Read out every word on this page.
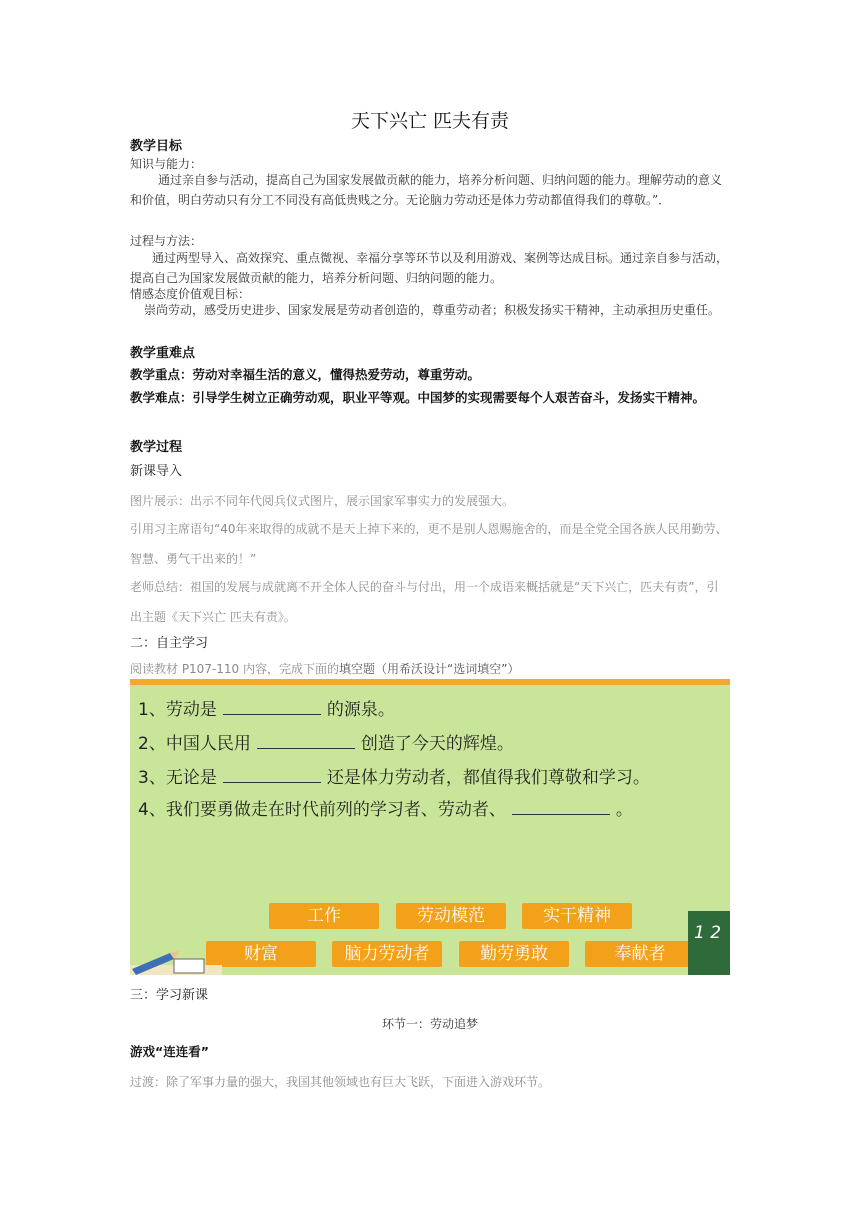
天下兴亡 匹夫有责
教学目标
知识与能力：
通过亲自参与活动，提高自己为国家发展做贡献的能力，培养分析问题、归纳问题的能力。理解劳动的意义和价值，明白劳动只有分工不同没有高低贵贱之分。无论脑力劳动还是体力劳动都值得我们的尊敬。”．
过程与方法：
通过两型导入、高效探究、重点微视、幸福分享等环节以及利用游戏、案例等达成目标。通过亲自参与活动，提高自己为国家发展做贡献的能力，培养分析问题、归纳问题的能力。
情感态度价值观目标：
崇尚劳动，感受历史进步、国家发展是劳动者创造的，尊重劳动者；积极发扬实干精神，主动承担历史重任。
教学重难点
教学重点：劳动对幸福生活的意义，懂得热爱劳动，尊重劳动。
教学难点：引导学生树立正确劳动观，职业平等观。中国梦的实现需要每个人艰苦奋斗，发扬实干精神。
教学过程
新课导入
图片展示：出示不同年代阅兵仪式图片，展示国家军事实力的发展强大。
引用习主席语句“40年来取得的成就不是天上掉下来的，更不是别人恩赐施舍的，而是全党全国各族人民用勤劳、智慧、勇气干出来的！”
老师总结：祖国的发展与成就离不开全体人民的奋斗与付出，用一个成语来概括就是“天下兴亡，匹夫有责”，引出主题《天下兴亡 匹夫有责》。
二：自主学习
阅读教材 P107-110 内容，完成下面的填空题（用希沃设计“选词填空”）
1、劳动是	的源泉。
2、中国人民用	创造了今天的辉煌。
3、无论是	还是体力劳动者，都值得我们尊敬和学习。
4、我们要勇做走在时代前列的学习者、劳动者、	。
工作	劳动模范	实干精神
财富	脑力劳动者	勤劳勇敢	奉献者
1 2
三：学习新课
环节一：劳动追梦
游戏“连连看”
过渡：除了军事力量的强大，我国其他领域也有巨大飞跃，下面进入游戏环节。
